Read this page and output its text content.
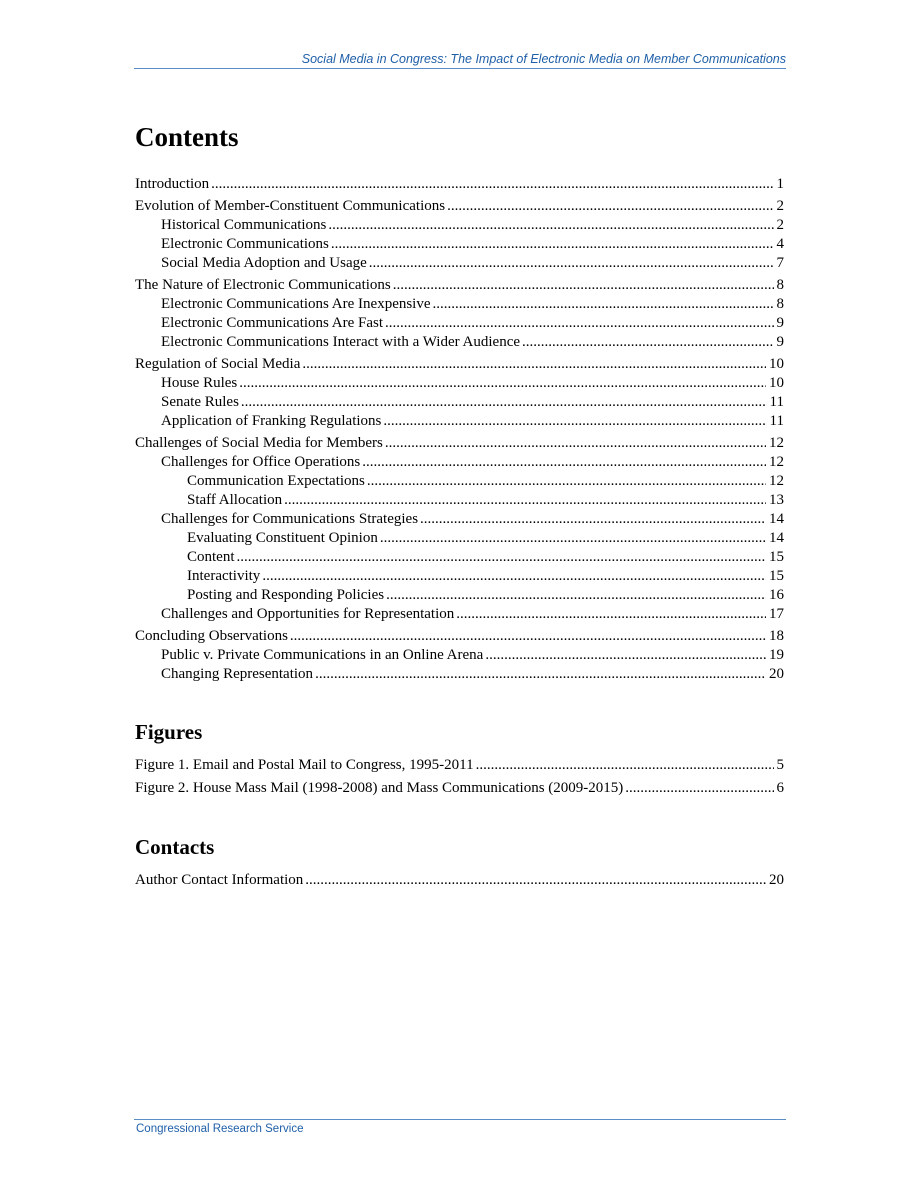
Social Media in Congress: The Impact of Electronic Media on Member Communications
Contents
Introduction .....	1
Evolution of Member-Constituent Communications .....	2
Historical Communications .....	2
Electronic Communications .....	4
Social Media Adoption and Usage .....	7
The Nature of Electronic Communications .....	8
Electronic Communications Are Inexpensive .....	8
Electronic Communications Are Fast .....	9
Electronic Communications Interact with a Wider Audience .....	9
Regulation of Social Media .....	10
House Rules .....	10
Senate Rules .....	11
Application of Franking Regulations .....	11
Challenges of Social Media for Members .....	12
Challenges for Office Operations .....	12
Communication Expectations .....	12
Staff Allocation .....	13
Challenges for Communications Strategies .....	14
Evaluating Constituent Opinion .....	14
Content .....	15
Interactivity .....	15
Posting and Responding Policies .....	16
Challenges and Opportunities for Representation .....	17
Concluding Observations .....	18
Public v. Private Communications in an Online Arena .....	19
Changing Representation .....	20
Figures
Figure 1. Email and Postal Mail to Congress, 1995-2011 .....	5
Figure 2. House Mass Mail (1998-2008) and Mass Communications (2009-2015) .....	6
Contacts
Author Contact Information .....	20
Congressional Research Service
